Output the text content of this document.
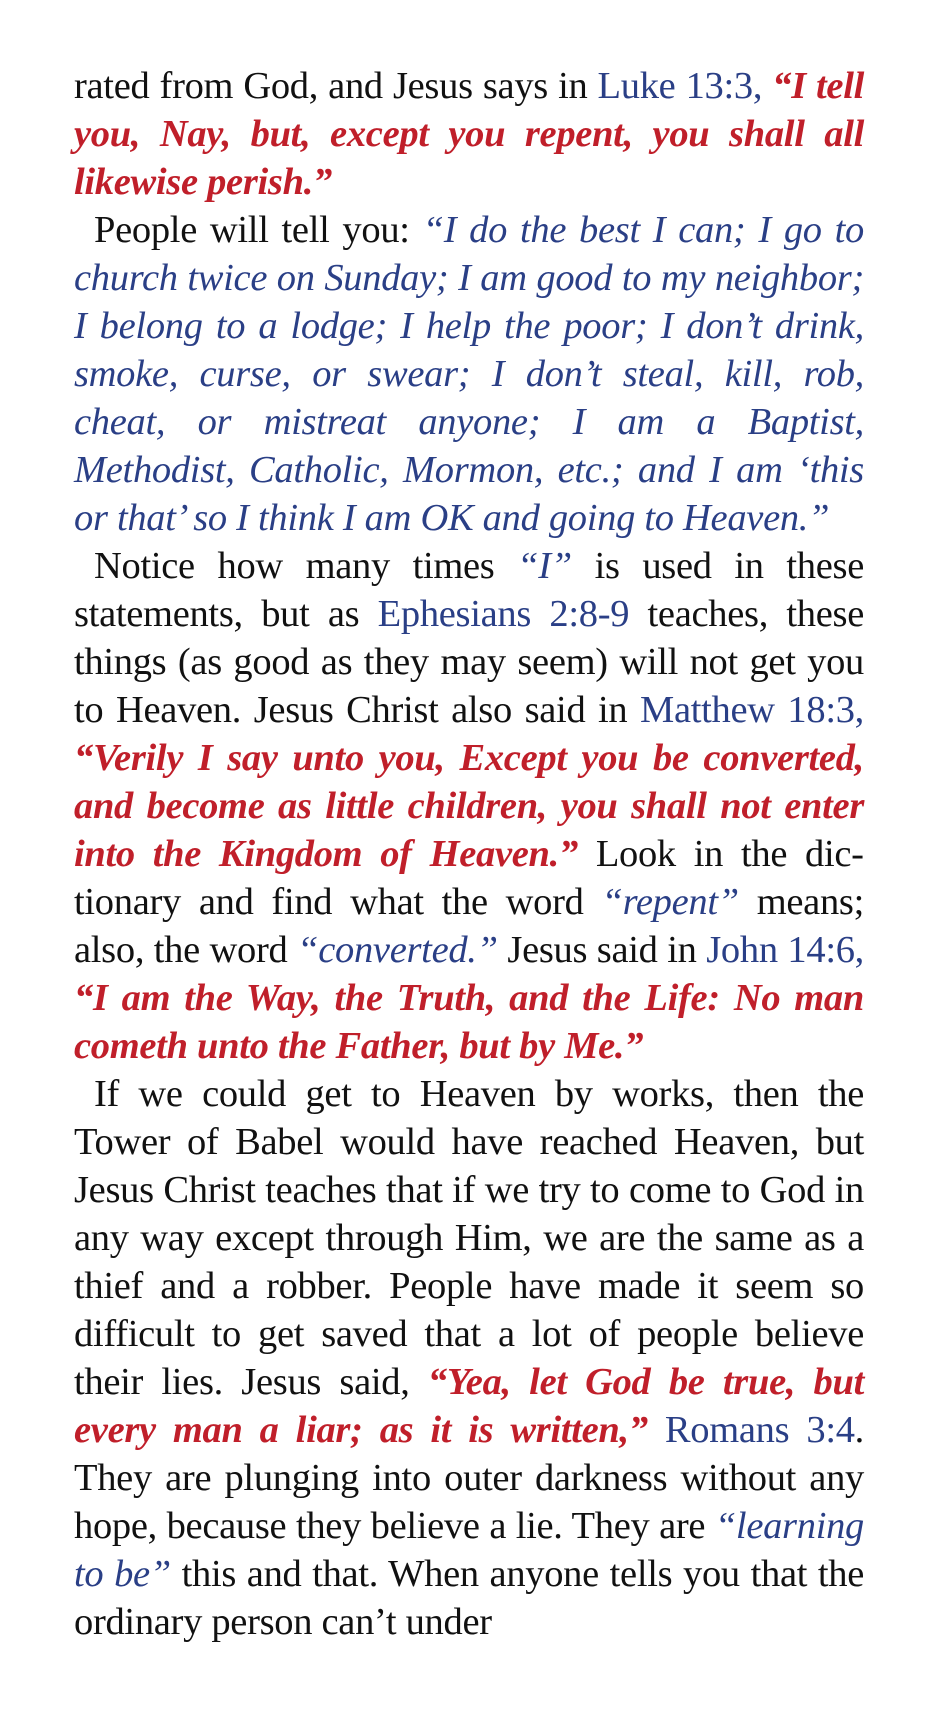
rated from God, and Jesus says in Luke 13:3, “I tell you, Nay, but, except you repent, you shall all likewise perish.”

People will tell you: “I do the best I can; I go to church twice on Sunday; I am good to my neighbor; I belong to a lodge; I help the poor; I don’t drink, smoke, curse, or swear; I don’t steal, kill, rob, cheat, or mistreat anyone; I am a Baptist, Methodist, Catholic, Mormon, etc.; and I am ‘this or that’ so I think I am OK and going to Heaven.”

Notice how many times “I” is used in these statements, but as Ephesians 2:8-9 teaches, these things (as good as they may seem) will not get you to Heaven. Jesus Christ also said in Matthew 18:3, “Verily I say unto you, Except you be converted, and become as little children, you shall not enter into the Kingdom of Heaven.” Look in the dictionary and find what the word “repent” means; also, the word “converted.” Jesus said in John 14:6, “I am the Way, the Truth, and the Life: No man cometh unto the Father, but by Me.”

If we could get to Heaven by works, then the Tower of Babel would have reached Heaven, but Jesus Christ teaches that if we try to come to God in any way except through Him, we are the same as a thief and a robber. People have made it seem so difficult to get saved that a lot of people believe their lies. Jesus said, “Yea, let God be true, but every man a liar; as it is written,” Romans 3:4. They are plunging into outer darkness without any hope, because they believe a lie. They are “learning to be” this and that. When anyone tells you that the ordinary person can’t under
